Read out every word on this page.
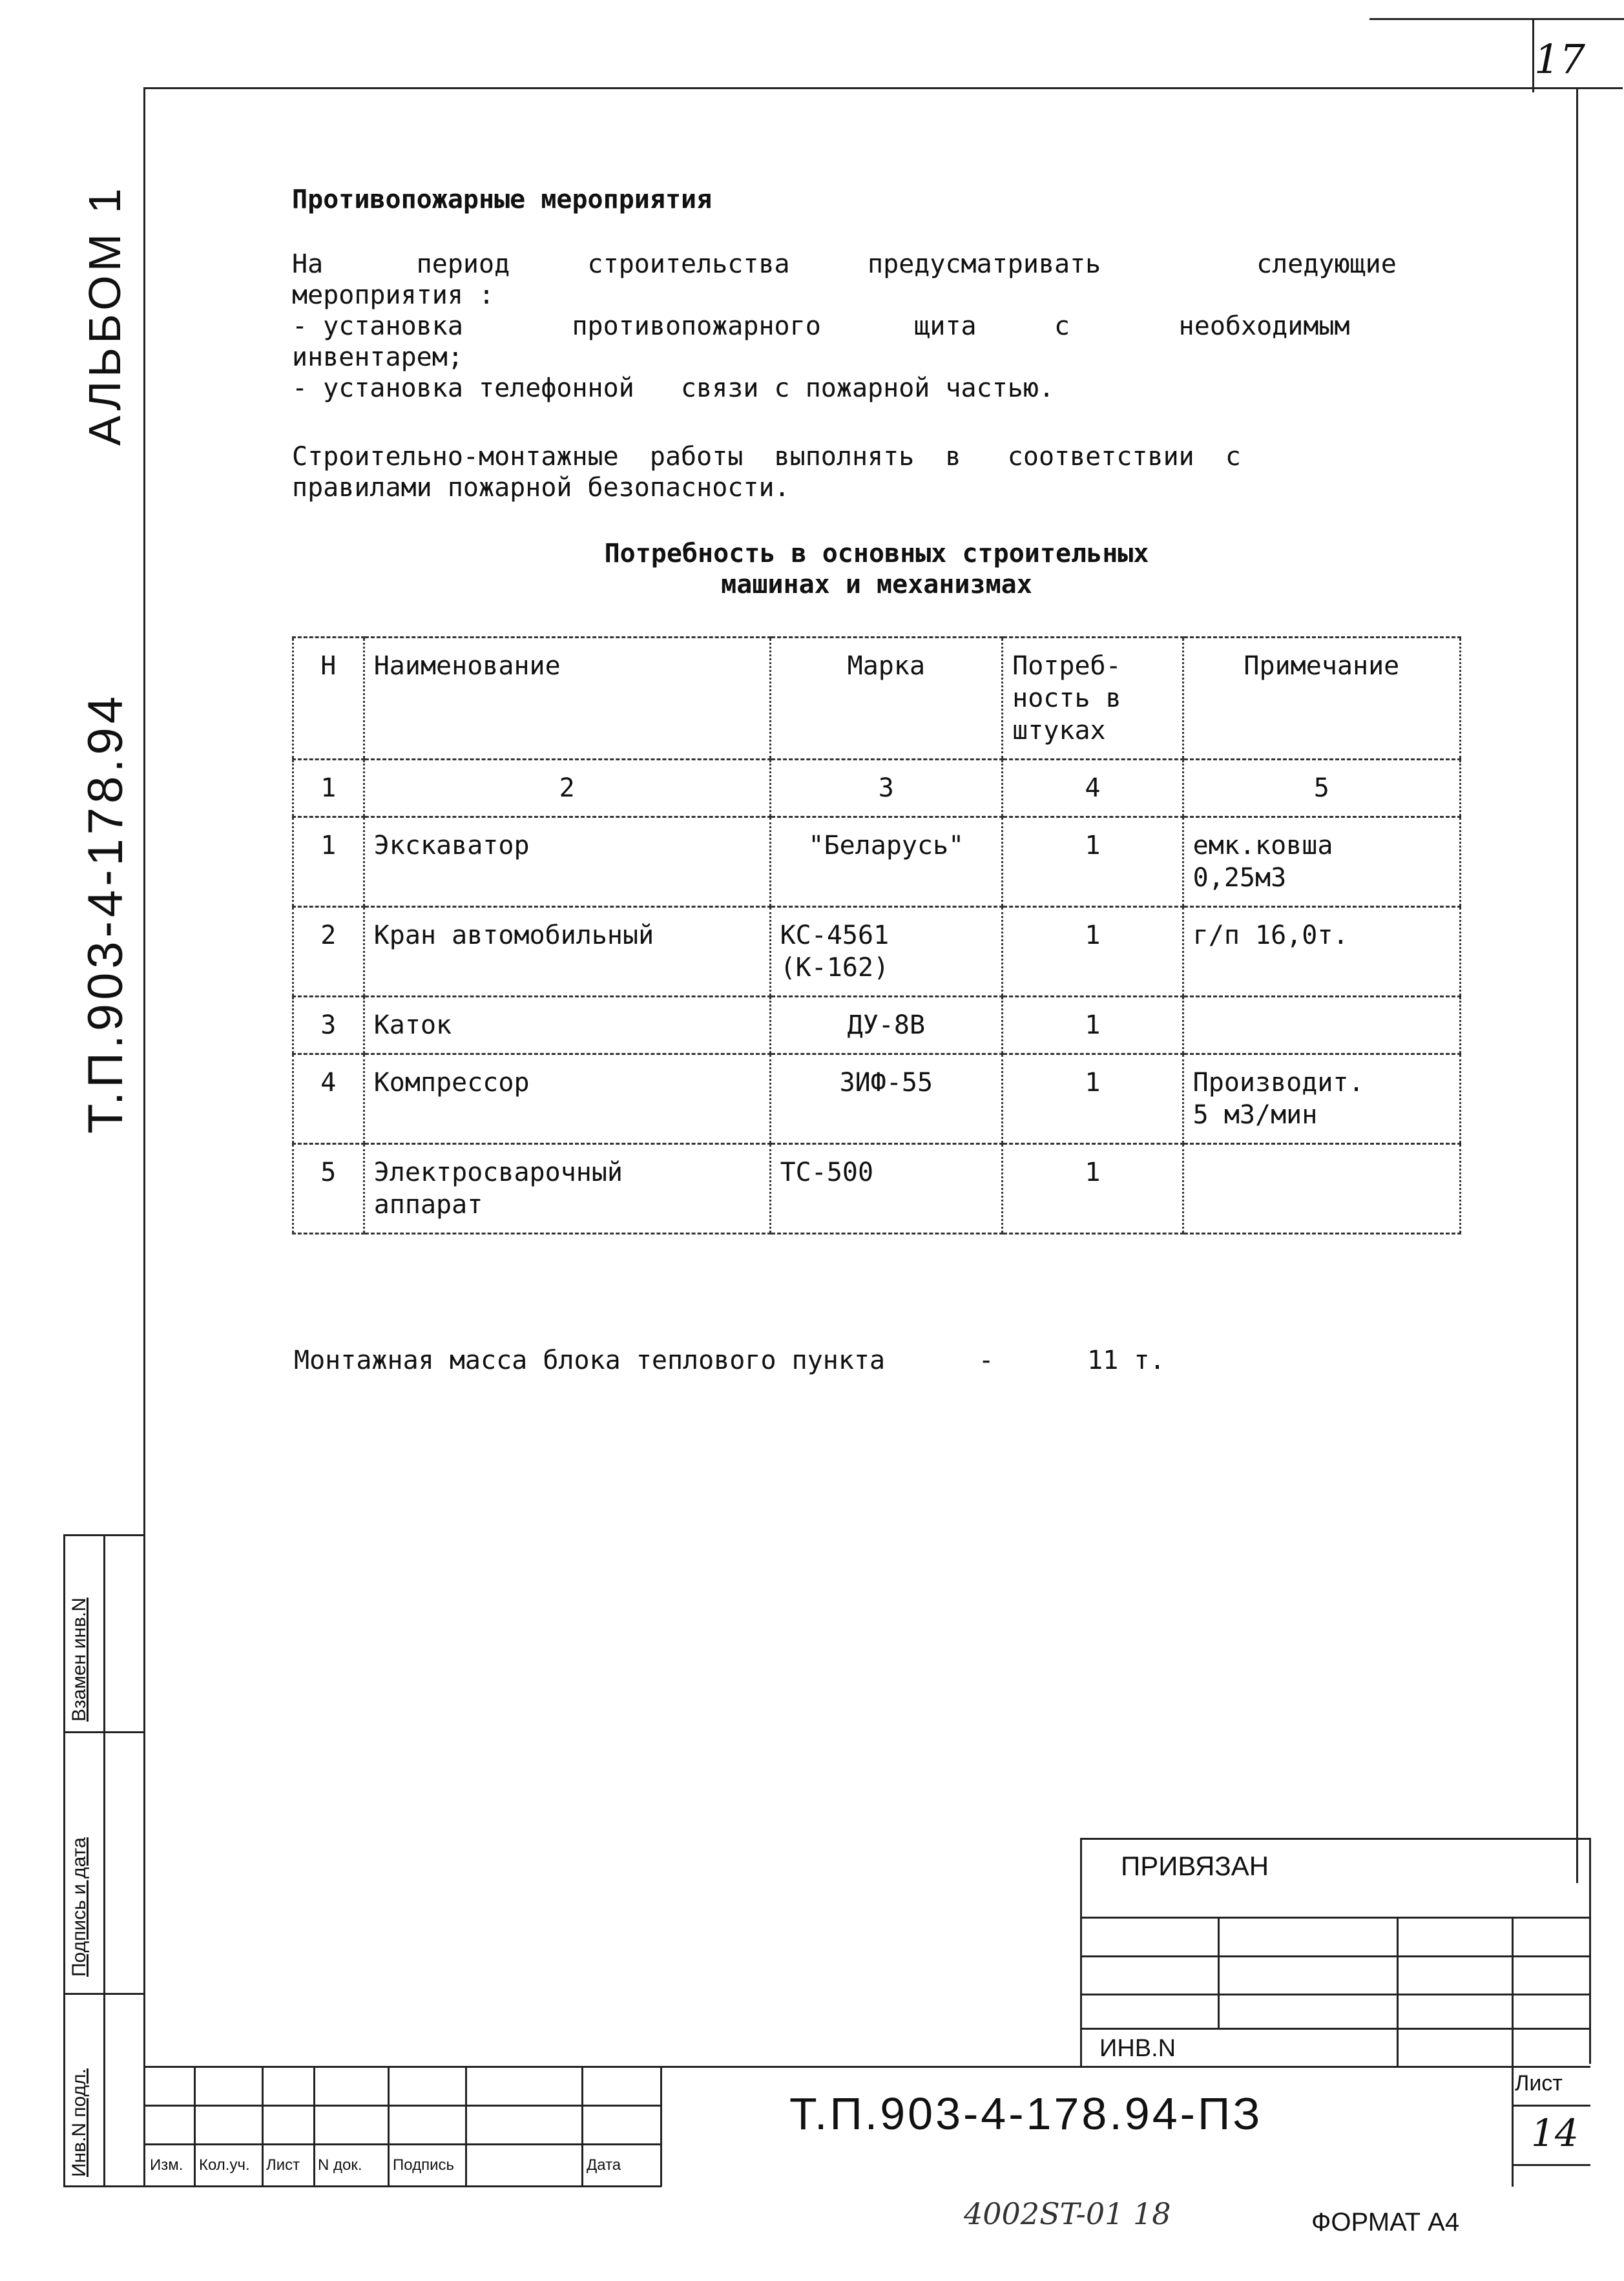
17
АЛЬБОМ 1
Т.П.903-4-178.94
Инв.N подл.
Подпись и дата
Взамен инв.N
Противопожарные мероприятия
На      период     строительства     предусматривать          следующие
мероприятия :
- установка       противопожарного      щита     с       необходимым
инвентарем;
- установка телефонной   связи с пожарной частью.
Строительно-монтажные  работы  выполнять  в   соответствии  с
правилами пожарной безопасности.
Потребность в основных строительных
машинах и механизмах
Н	Наименование	Марка	Потреб-
ность в
штуках	Примечание
1	2	3	4	5
1	Экскаватор	"Беларусь"	1	емк.ковша
0,25м3
2	Кран автомобильный	КС-4561
(К-162)	1	г/п 16,0т.
3	Каток	ДУ-8В	1	
4	Компрессор	ЗИФ-55	1	Производит.
5 м3/мин
5	Электросварочный
аппарат	ТС-500	1	
Монтажная масса блока теплового пункта      -      11 т.
ПРИВЯЗАН
ИНВ.N
Изм. Кол.уч. Лист N док. Подпись	Дата
Т.П.903-4-178.94-ПЗ
Лист
14
4002ST-01 18	ФОРМАТ А4
